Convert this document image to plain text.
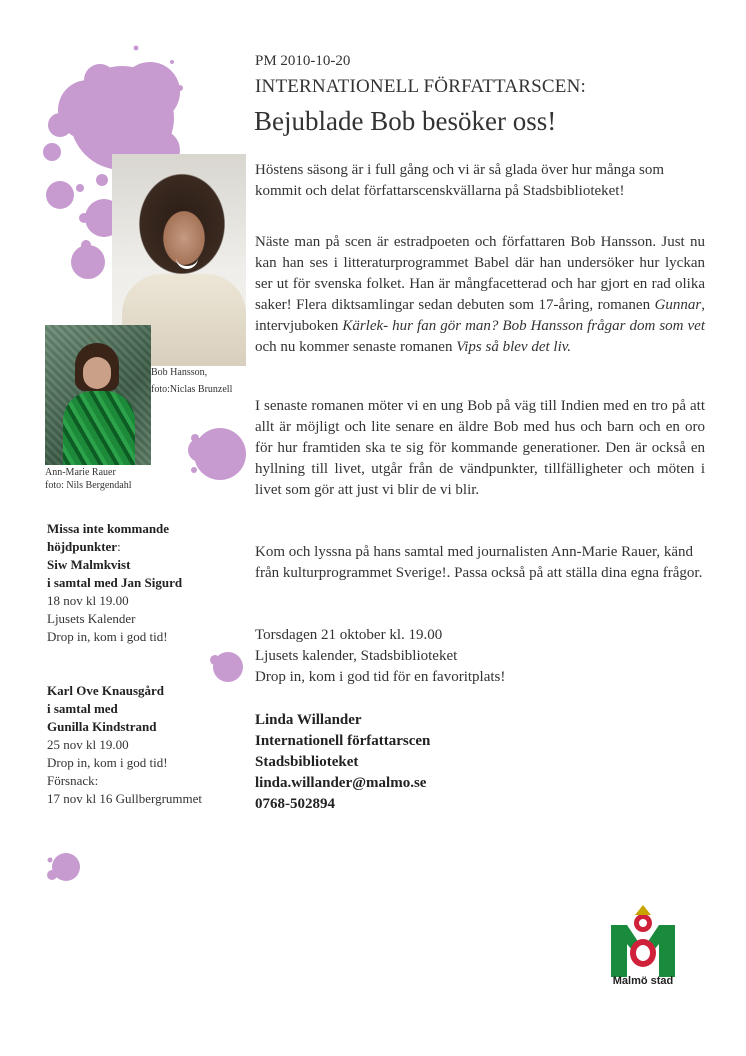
Bob Hansson,
foto:Niclas Brunzell
Ann-Marie Rauer
foto: Nils Bergendahl
PM 2010-10-20
INTERNATIONELL FÖRFATTARSCEN:
Bejublade Bob besöker oss!

Höstens säsong är i full gång och vi är så glada över hur många som kommit och delat författarscenskvällarna på Stadsbiblioteket!

Näste man på scen är estradpoeten och författaren Bob Hansson. Just nu kan han ses i litteraturprogrammet Babel där han undersöker hur lyckan ser ut för svenska folket. Han är mångfacetterad och har gjort en rad olika saker! Flera diktsamlingar sedan debuten som 17-åring, romanen Gunnar, intervjuboken Kärlek- hur fan gör man? Bob Hansson frågar dom som vet och nu kommer senaste romanen Vips så blev det liv.

I senaste romanen möter vi en ung Bob på väg till Indien med en tro på att allt är möjligt och lite senare en äldre Bob med hus och barn och en oro för hur framtiden ska te sig för kommande generationer. Den är också en hyllning till livet, utgår från de vändpunkter, tillfälligheter och möten i livet som gör att just vi blir de vi blir.

Kom och lyssna på hans samtal med journalisten Ann-Marie Rauer, känd från kulturprogrammet Sverige!. Passa också på att ställa dina egna frågor.

Torsdagen 21 oktober kl. 19.00
Ljusets kalender, Stadsbiblioteket
Drop in, kom i god tid för en favoritplats!
Linda Willander
Internationell författarscen
Stadsbiblioteket
linda.willander@malmo.se
0768-502894
Missa inte kommande
höjdpunkter:
Siw Malmkvist
i samtal med Jan Sigurd
18 nov kl 19.00
Ljusets Kalender
Drop in, kom i god tid!
Karl Ove Knausgård
i samtal med
Gunilla Kindstrand
25 nov kl 19.00
Drop in, kom i god tid!
Försnack:
17 nov kl 16 Gullbergrummet
Malmö stad
